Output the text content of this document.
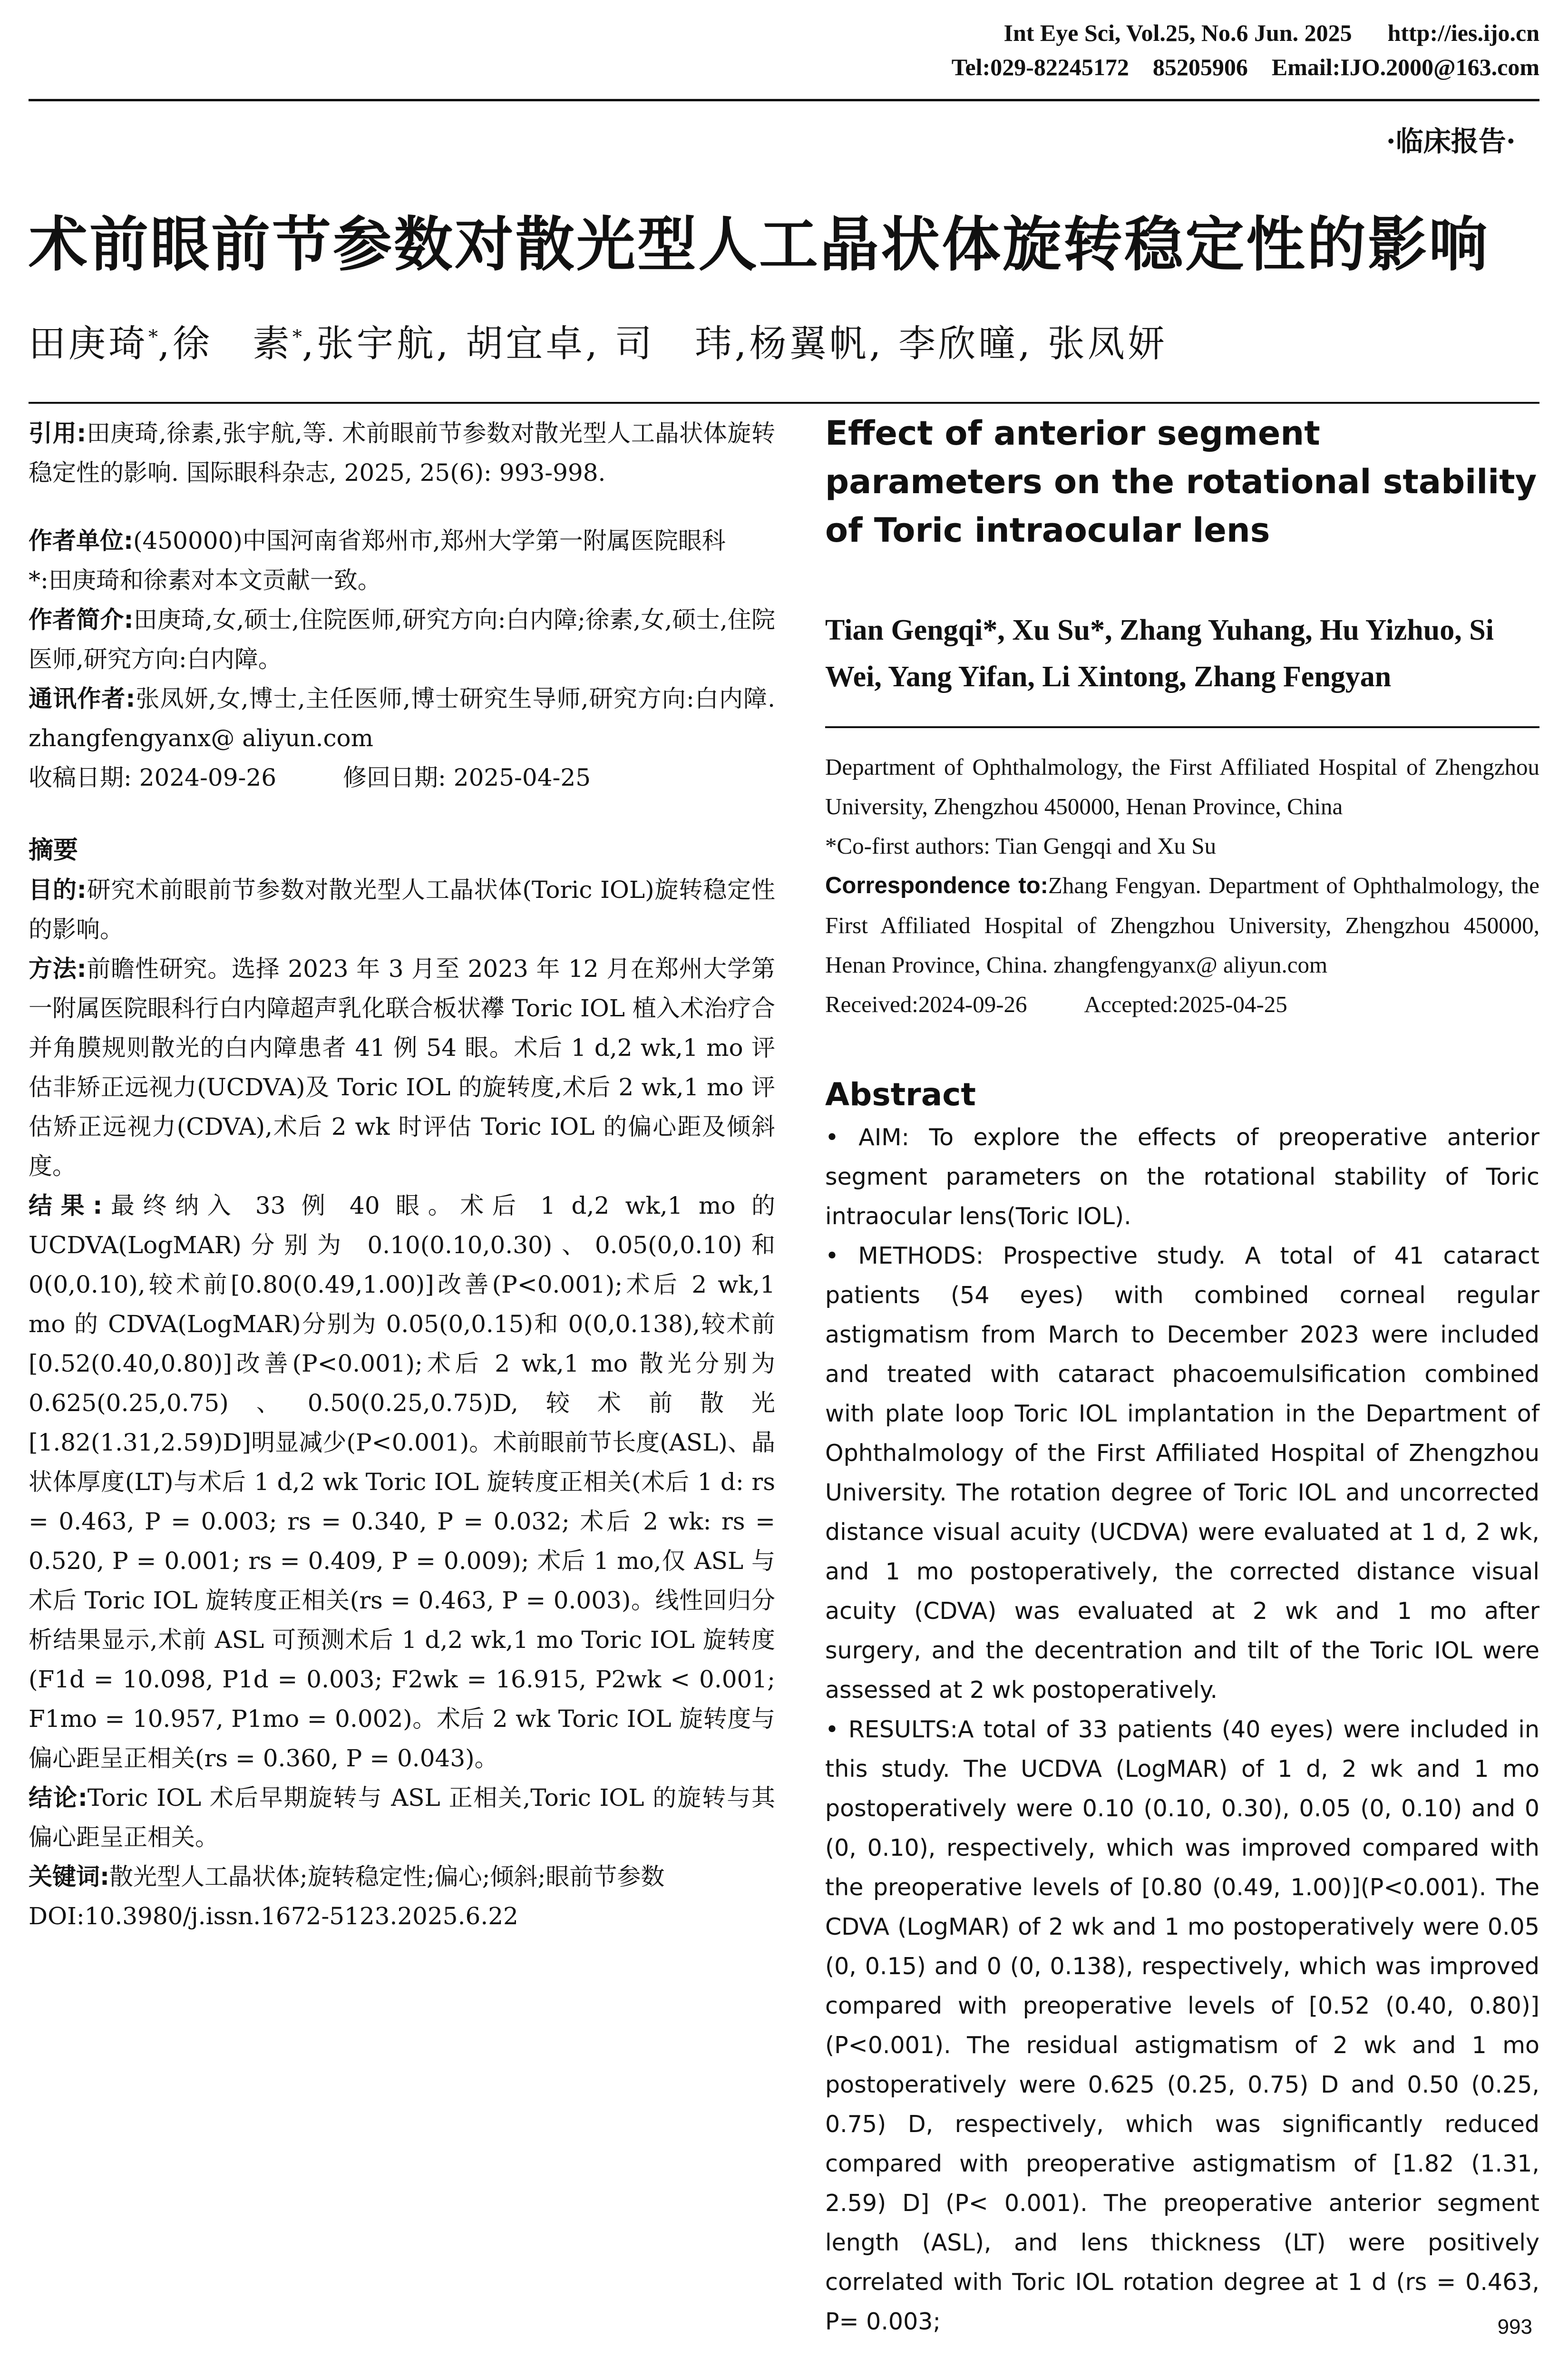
Int Eye Sci, Vol.25, No.6 Jun. 2025      http://ies.ijo.cn
Tel:029-82245172    85205906    Email:IJO.2000@163.com
·临床报告·
术前眼前节参数对散光型人工晶状体旋转稳定性的影响
田庚琦*,徐　素*,张宇航, 胡宜卓, 司　玮,杨翼帆, 李欣曈, 张凤妍

引用:田庚琦,徐素,张宇航,等. 术前眼前节参数对散光型人工晶状体旋转稳定性的影响. 国际眼科杂志, 2025, 25(6): 993-998.

作者单位:(450000)中国河南省郑州市,郑州大学第一附属医院眼科

*:田庚琦和徐素对本文贡献一致。

作者简介:田庚琦,女,硕士,住院医师,研究方向:白内障;徐素,女,硕士,住院医师,研究方向:白内障。

通讯作者:张凤妍,女,博士,主任医师,博士研究生导师,研究方向:白内障. zhangfengyanx@ aliyun.com

收稿日期: 2024-09-26	修回日期: 2025-04-25

摘要

目的:研究术前眼前节参数对散光型人工晶状体(Toric IOL)旋转稳定性的影响。

方法:前瞻性研究。选择 2023 年 3 月至 2023 年 12 月在郑州大学第一附属医院眼科行白内障超声乳化联合板状襻 Toric IOL 植入术治疗合并角膜规则散光的白内障患者 41 例 54 眼。术后 1 d,2 wk,1 mo 评估非矫正远视力(UCDVA)及 Toric IOL 的旋转度,术后 2 wk,1 mo 评估矫正远视力(CDVA),术后 2 wk 时评估 Toric IOL 的偏心距及倾斜度。

结果:最终纳入 33 例 40 眼。术后 1 d,2 wk,1 mo 的 UCDVA(LogMAR)分别为 0.10(0.10,0.30)、0.05(0,0.10)和 0(0,0.10),较术前[0.80(0.49,1.00)]改善(P<0.001);术后 2 wk,1 mo 的 CDVA(LogMAR)分别为 0.05(0,0.15)和 0(0,0.138),较术前[0.52(0.40,0.80)]改善(P<0.001);术后 2 wk,1 mo 散光分别为 0.625(0.25,0.75)、0.50(0.25,0.75)D,较术前散光[1.82(1.31,2.59)D]明显减少(P<0.001)。术前眼前节长度(ASL)、晶状体厚度(LT)与术后 1 d,2 wk Toric IOL 旋转度正相关(术后 1 d: rs = 0.463, P = 0.003; rs = 0.340, P = 0.032; 术后 2 wk: rs = 0.520, P = 0.001; rs = 0.409, P = 0.009); 术后 1 mo,仅 ASL 与术后 Toric IOL 旋转度正相关(rs = 0.463, P = 0.003)。线性回归分析结果显示,术前 ASL 可预测术后 1 d,2 wk,1 mo Toric IOL 旋转度(F1d = 10.098, P1d = 0.003; F2wk = 16.915, P2wk < 0.001; F1mo = 10.957, P1mo = 0.002)。术后 2 wk Toric IOL 旋转度与偏心距呈正相关(rs = 0.360, P = 0.043)。

结论:Toric IOL 术后早期旋转与 ASL 正相关,Toric IOL 的旋转与其偏心距呈正相关。

关键词:散光型人工晶状体;旋转稳定性;偏心;倾斜;眼前节参数

DOI:10.3980/j.issn.1672-5123.2025.6.22

Effect of anterior segment parameters on the rotational stability of Toric intraocular lens

Tian Gengqi*, Xu Su*, Zhang Yuhang, Hu Yizhuo, Si Wei, Yang Yifan, Li Xintong, Zhang Fengyan

Department of Ophthalmology, the First Affiliated Hospital of Zhengzhou University, Zhengzhou 450000, Henan Province, China

*Co-first authors: Tian Gengqi and Xu Su

Correspondence to:Zhang Fengyan. Department of Ophthalmology, the First Affiliated Hospital of Zhengzhou University, Zhengzhou 450000, Henan Province, China. zhangfengyanx@ aliyun.com

Received:2024-09-26 Accepted:2025-04-25

Abstract

• AIM: To explore the effects of preoperative anterior segment parameters on the rotational stability of Toric intraocular lens(Toric IOL).

• METHODS: Prospective study. A total of 41 cataract patients (54 eyes) with combined corneal regular astigmatism from March to December 2023 were included and treated with cataract phacoemulsification combined with plate loop Toric IOL implantation in the Department of Ophthalmology of the First Affiliated Hospital of Zhengzhou University. The rotation degree of Toric IOL and uncorrected distance visual acuity (UCDVA) were evaluated at 1 d, 2 wk, and 1 mo postoperatively, the corrected distance visual acuity (CDVA) was evaluated at 2 wk and 1 mo after surgery, and the decentration and tilt of the Toric IOL were assessed at 2 wk postoperatively.

• RESULTS:A total of 33 patients (40 eyes) were included in this study. The UCDVA (LogMAR) of 1 d, 2 wk and 1 mo postoperatively were 0.10 (0.10, 0.30), 0.05 (0, 0.10) and 0 (0, 0.10), respectively, which was improved compared with the preoperative levels of [0.80 (0.49, 1.00)](P<0.001). The CDVA (LogMAR) of 2 wk and 1 mo postoperatively were 0.05 (0, 0.15) and 0 (0, 0.138), respectively, which was improved compared with preoperative levels of [0.52 (0.40, 0.80)] (P<0.001). The residual astigmatism of 2 wk and 1 mo postoperatively were 0.625 (0.25, 0.75) D and 0.50 (0.25, 0.75) D, respectively, which was significantly reduced compared with preoperative astigmatism of [1.82 (1.31, 2.59) D] (P< 0.001). The preoperative anterior segment length (ASL), and lens thickness (LT) were positively correlated with Toric IOL rotation degree at 1 d (rs = 0.463, P= 0.003;	993
